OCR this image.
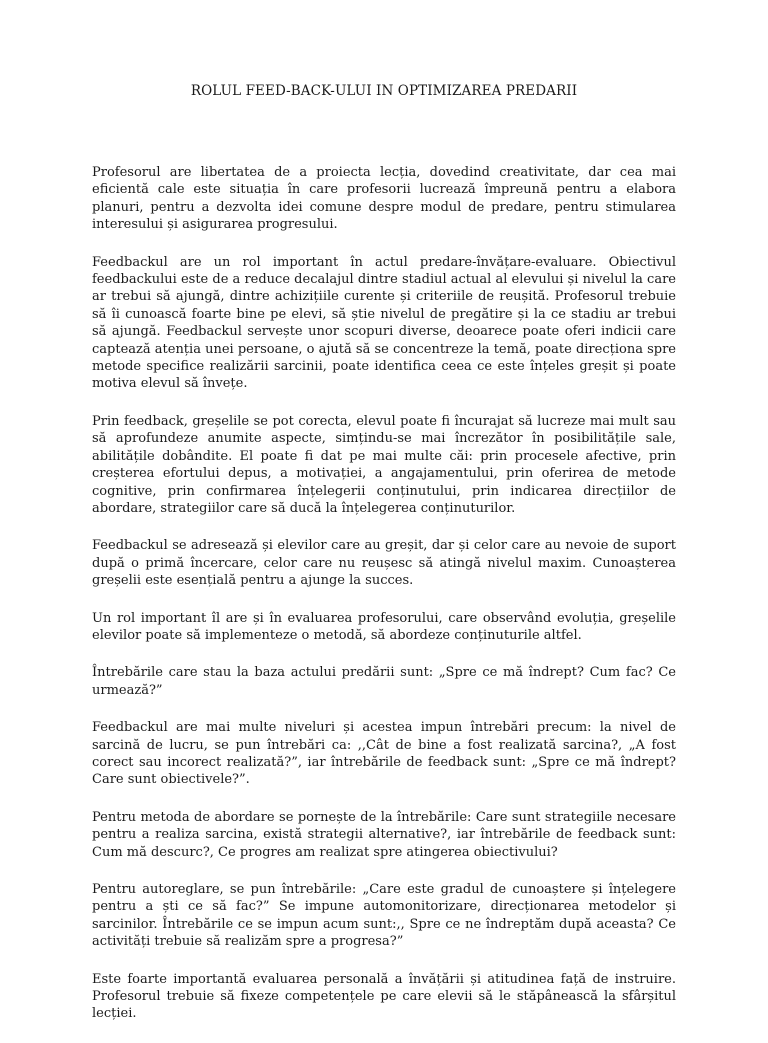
ROLUL FEED-BACK-ULUI IN OPTIMIZAREA PREDARII

Profesorul are libertatea de a proiecta lecția, dovedind creativitate, dar cea mai eficientă cale este situația în care profesorii lucrează împreună pentru a elabora planuri, pentru a dezvolta idei comune despre modul de predare, pentru stimularea interesului și asigurarea progresului.

Feedbackul are un rol important în actul predare-învățare-evaluare. Obiectivul feedbackului este de a reduce decalajul dintre stadiul actual al elevului și nivelul la care ar trebui să ajungă, dintre achizițiile curente și criteriile de reușită. Profesorul trebuie să îi cunoască foarte bine pe elevi, să știe nivelul de pregătire și la ce stadiu ar trebui să ajungă. Feedbackul servește unor scopuri diverse, deoarece poate oferi indicii care captează atenția unei persoane, o ajută să se concentreze la temă, poate direcționa spre metode specifice realizării sarcinii, poate identifica ceea ce este înțeles greșit și poate motiva elevul să învețe.

Prin feedback, greșelile se pot corecta, elevul poate fi încurajat să lucreze mai mult sau să aprofundeze anumite aspecte, simțindu-se mai încrezător în posibilitățile sale, abilitățile dobândite. El poate fi dat pe mai multe căi: prin procesele afective, prin creșterea efortului depus, a motivației, a angajamentului, prin oferirea de metode cognitive, prin confirmarea înțelegerii conținutului, prin indicarea direcțiilor de abordare, strategiilor care să ducă la înțelegerea conținuturilor.

Feedbackul se adresează și elevilor care au greșit, dar și celor care au nevoie de suport după o primă încercare, celor care nu reușesc să atingă nivelul maxim. Cunoașterea greșelii este esențială pentru a ajunge la succes.

Un rol important îl are și în evaluarea profesorului, care observând evoluția, greșelile elevilor poate să implementeze o metodă, să abordeze conținuturile altfel.

Întrebările care stau la baza actului predării sunt: „Spre ce mă îndrept? Cum fac? Ce urmează?”

Feedbackul are mai multe niveluri și acestea impun întrebări precum: la nivel de sarcină de lucru, se pun întrebări ca: ,,Cât de bine a fost realizată sarcina?, „A fost corect sau incorect realizată?”, iar întrebările de feedback sunt: „Spre ce mă îndrept? Care sunt obiectivele?”.

Pentru metoda de abordare se pornește de la întrebările: Care sunt strategiile necesare pentru a realiza sarcina, există strategii alternative?, iar întrebările de feedback sunt: Cum mă descurc?, Ce progres am realizat spre atingerea obiectivului?

Pentru autoreglare, se pun întrebările: „Care este gradul de cunoaștere și înțelegere pentru a ști ce să fac?” Se impune automonitorizare, direcționarea metodelor și sarcinilor. Întrebările ce se impun acum sunt:,, Spre ce ne îndreptăm după aceasta? Ce activități trebuie să realizăm spre a progresa?”

Este foarte importantă evaluarea personală a învățării și atitudinea față de instruire. Profesorul trebuie să fixeze competențele pe care elevii să le stăpânească la sfârșitul lecției.
